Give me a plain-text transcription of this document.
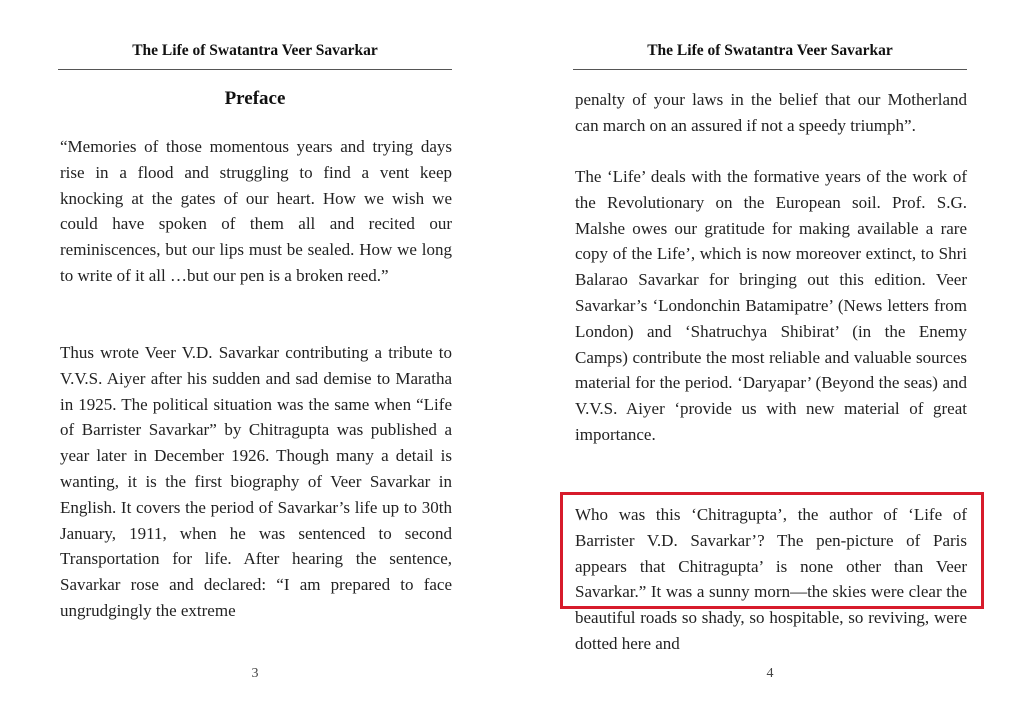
The Life of Swatantra Veer Savarkar
Preface

“Memories of those momentous years and trying days rise in a flood and struggling to find a vent keep knocking at the gates of our heart. How we wish we could have spoken of them all and recited our reminiscences, but our lips must be sealed. How we long to write of it all …but our pen is a broken reed.”

Thus wrote Veer V.D. Savarkar contributing a tribute to V.V.S. Aiyer after his sudden and sad demise to Maratha in 1925. The political situation was the same when “Life of Barrister Savarkar” by Chitragupta was published a year later in December 1926. Though many a detail is wanting, it is the first biography of Veer Savarkar in English. It covers the period of Savarkar’s life up to 30th January, 1911, when he was sentenced to second Transportation for life. After hearing the sentence, Savarkar rose and declared: “I am prepared to face ungrudgingly the extreme

3
The Life of Swatantra Veer Savarkar

penalty of your laws in the belief that our Motherland can march on an assured if not a speedy triumph”.

The ‘Life’ deals with the formative years of the work of the Revolutionary on the European soil. Prof. S.G. Malshe owes our gratitude for making available a rare copy of the Life’, which is now moreover extinct, to Shri Balarao Savarkar for bringing out this edition. Veer Savarkar’s ‘Londonchin Batamipatre’ (News letters from London) and ‘Shatruchya Shibirat’ (in the Enemy Camps) contribute the most reliable and valuable sources material for the period. ‘Daryapar’ (Beyond the seas) and V.V.S. Aiyer ‘provide us with new material of great importance.

Who was this ‘Chitragupta’, the author of ‘Life of Barrister V.D. Savarkar’? The pen-picture of Paris appears that Chitragupta’ is none other than Veer Savarkar.” It was a sunny morn—the skies were clear the beautiful roads so shady, so hospitable, so reviving, were dotted here and

4
